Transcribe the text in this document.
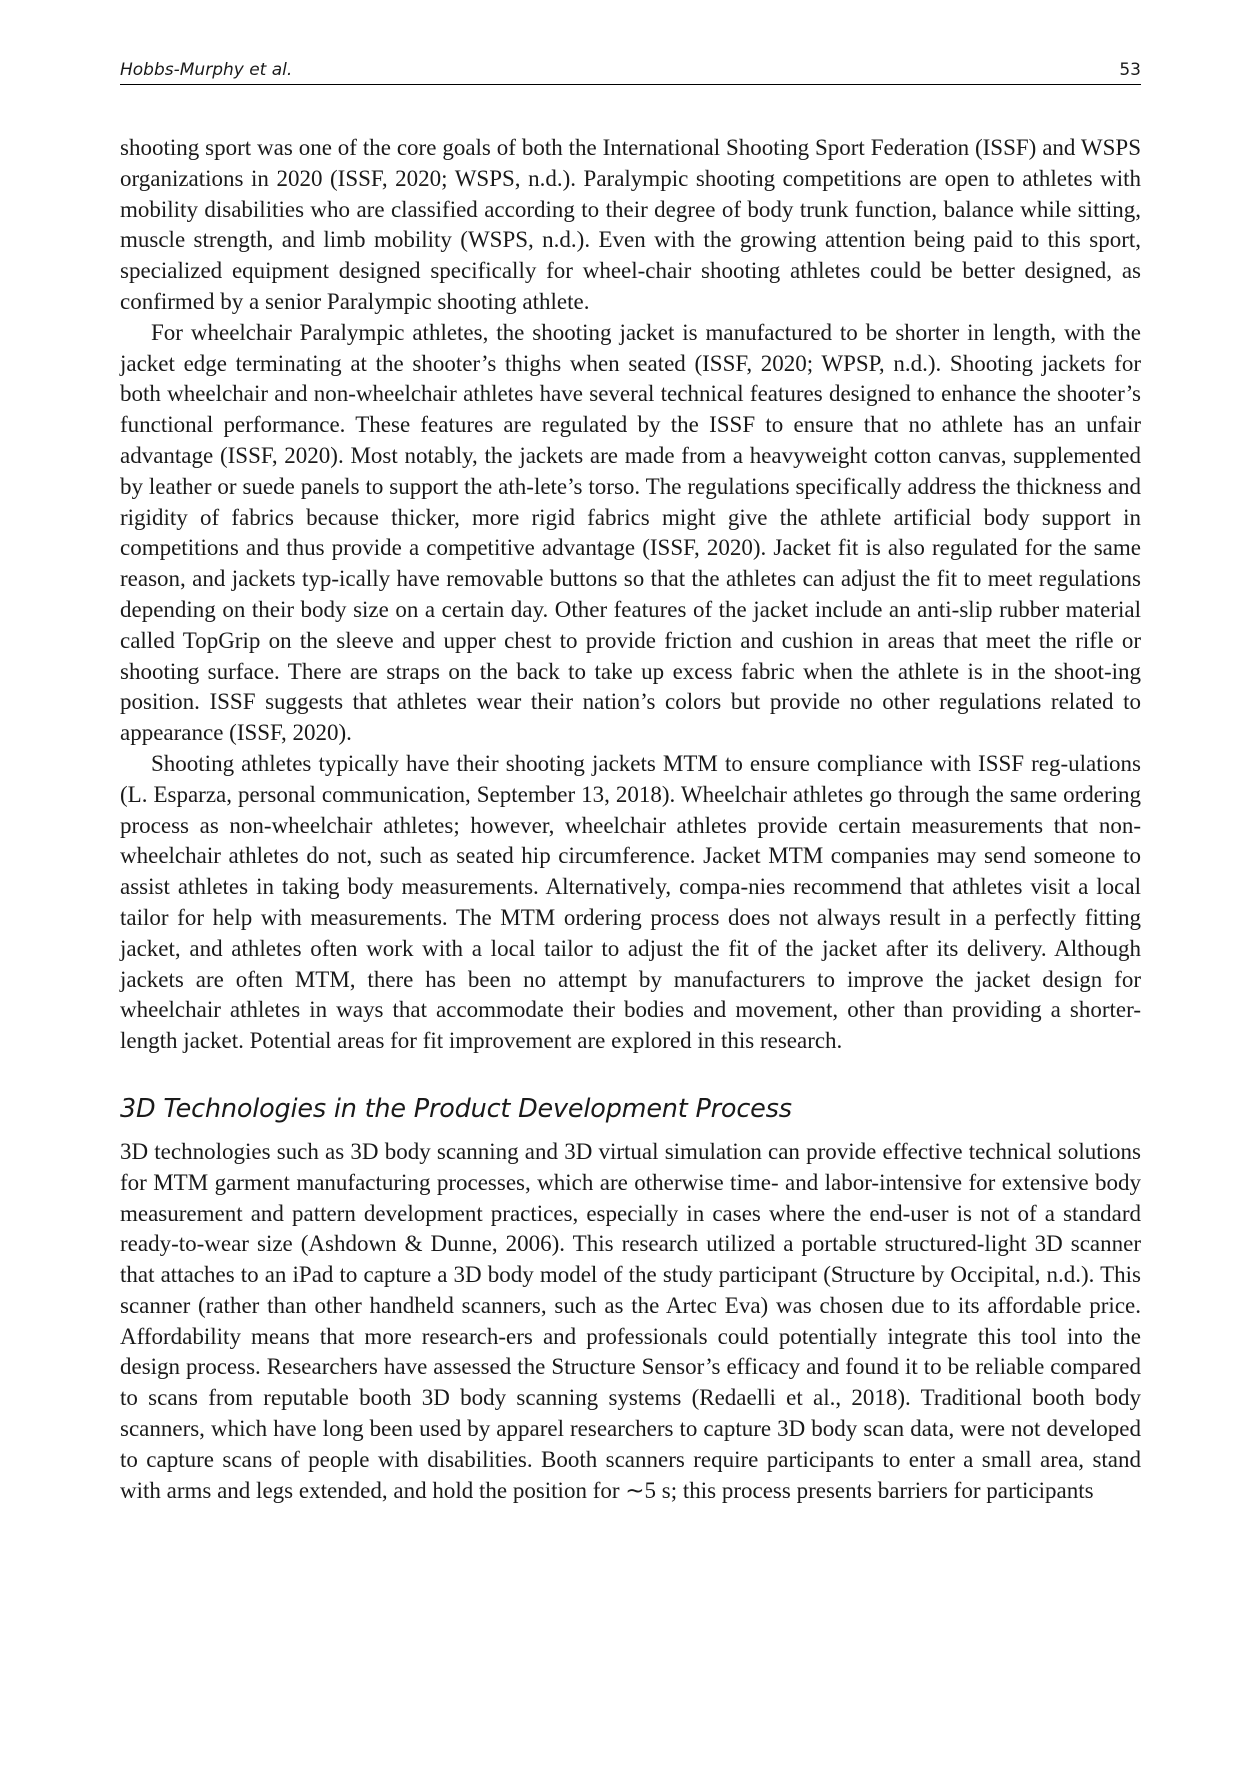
Hobbs-Murphy et al.	53

shooting sport was one of the core goals of both the International Shooting Sport Federation (ISSF) and WSPS organizations in 2020 (ISSF, 2020; WSPS, n.d.). Paralympic shooting competitions are open to athletes with mobility disabilities who are classified according to their degree of body trunk function, balance while sitting, muscle strength, and limb mobility (WSPS, n.d.). Even with the growing attention being paid to this sport, specialized equipment designed specifically for wheel-chair shooting athletes could be better designed, as confirmed by a senior Paralympic shooting athlete.

For wheelchair Paralympic athletes, the shooting jacket is manufactured to be shorter in length, with the jacket edge terminating at the shooter’s thighs when seated (ISSF, 2020; WPSP, n.d.). Shooting jackets for both wheelchair and non-wheelchair athletes have several technical features designed to enhance the shooter’s functional performance. These features are regulated by the ISSF to ensure that no athlete has an unfair advantage (ISSF, 2020). Most notably, the jackets are made from a heavyweight cotton canvas, supplemented by leather or suede panels to support the ath-lete’s torso. The regulations specifically address the thickness and rigidity of fabrics because thicker, more rigid fabrics might give the athlete artificial body support in competitions and thus provide a competitive advantage (ISSF, 2020). Jacket fit is also regulated for the same reason, and jackets typ-ically have removable buttons so that the athletes can adjust the fit to meet regulations depending on their body size on a certain day. Other features of the jacket include an anti-slip rubber material called TopGrip on the sleeve and upper chest to provide friction and cushion in areas that meet the rifle or shooting surface. There are straps on the back to take up excess fabric when the athlete is in the shoot-ing position. ISSF suggests that athletes wear their nation’s colors but provide no other regulations related to appearance (ISSF, 2020).

Shooting athletes typically have their shooting jackets MTM to ensure compliance with ISSF reg-ulations (L. Esparza, personal communication, September 13, 2018). Wheelchair athletes go through the same ordering process as non-wheelchair athletes; however, wheelchair athletes provide certain measurements that non-wheelchair athletes do not, such as seated hip circumference. Jacket MTM companies may send someone to assist athletes in taking body measurements. Alternatively, compa-nies recommend that athletes visit a local tailor for help with measurements. The MTM ordering process does not always result in a perfectly fitting jacket, and athletes often work with a local tailor to adjust the fit of the jacket after its delivery. Although jackets are often MTM, there has been no attempt by manufacturers to improve the jacket design for wheelchair athletes in ways that accommodate their bodies and movement, other than providing a shorter-length jacket. Potential areas for fit improvement are explored in this research.

3D Technologies in the Product Development Process

3D technologies such as 3D body scanning and 3D virtual simulation can provide effective technical solutions for MTM garment manufacturing processes, which are otherwise time- and labor-intensive for extensive body measurement and pattern development practices, especially in cases where the end-user is not of a standard ready-to-wear size (Ashdown & Dunne, 2006). This research utilized a portable structured-light 3D scanner that attaches to an iPad to capture a 3D body model of the study participant (Structure by Occipital, n.d.). This scanner (rather than other handheld scanners, such as the Artec Eva) was chosen due to its affordable price. Affordability means that more research-ers and professionals could potentially integrate this tool into the design process. Researchers have assessed the Structure Sensor’s efficacy and found it to be reliable compared to scans from reputable booth 3D body scanning systems (Redaelli et al., 2018). Traditional booth body scanners, which have long been used by apparel researchers to capture 3D body scan data, were not developed to capture scans of people with disabilities. Booth scanners require participants to enter a small area, stand with arms and legs extended, and hold the position for ∼5 s; this process presents barriers for participants
